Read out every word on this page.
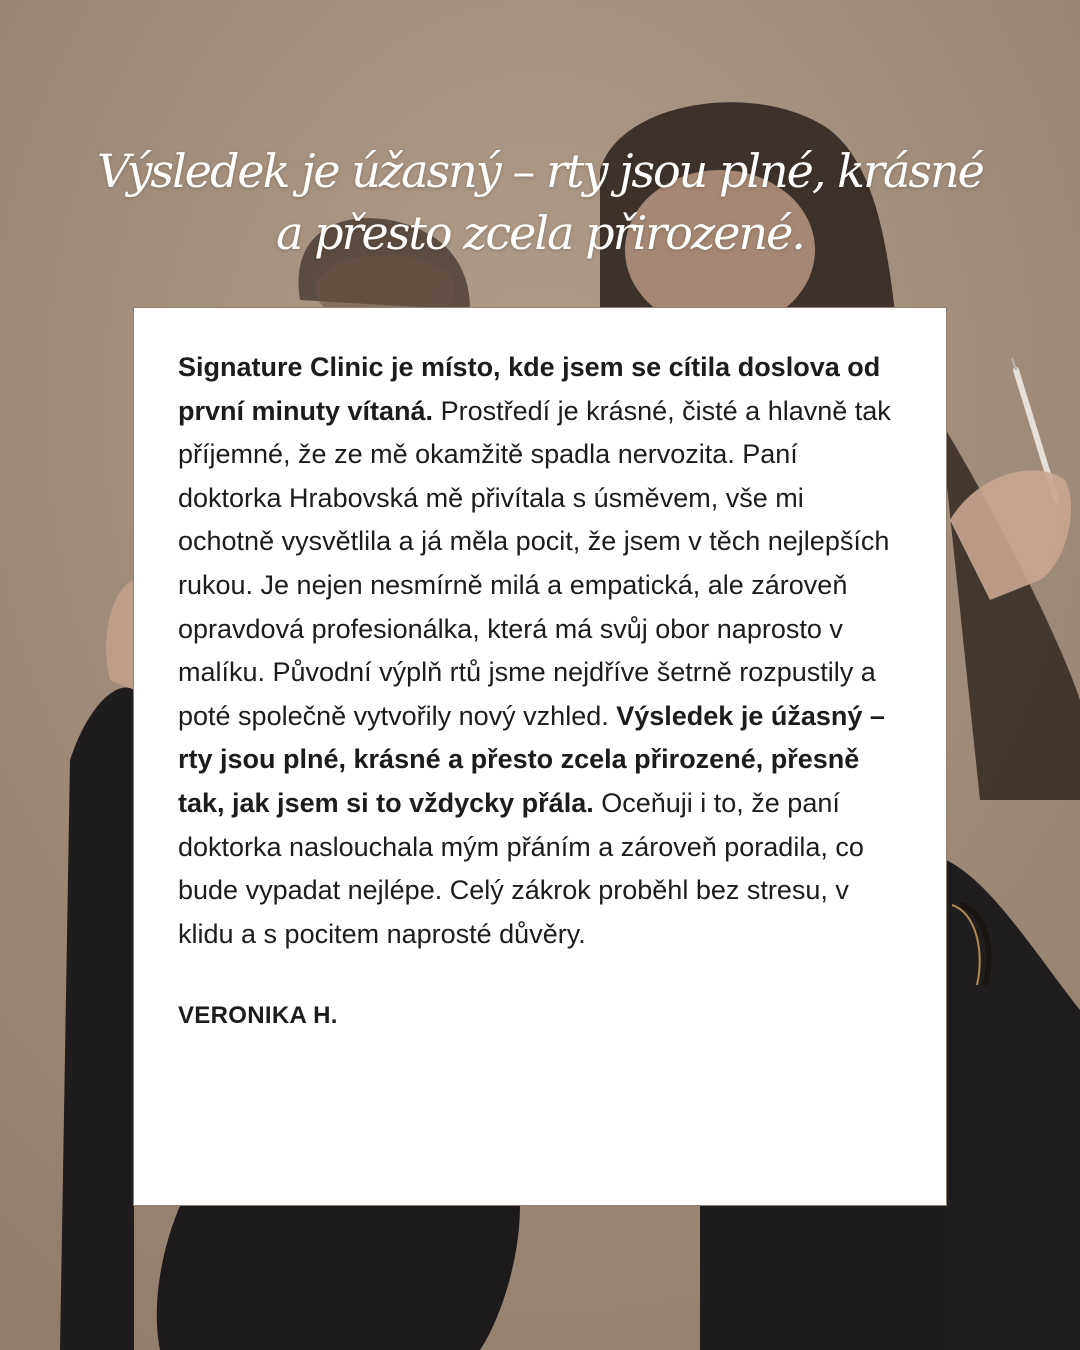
Výsledek je úžasný – rty jsou plné, krásné
a přesto zcela přirozené.

Signature Clinic je místo, kde jsem se cítila doslova od první minuty vítaná. Prostředí je krásné, čisté a hlavně tak příjemné, že ze mě okamžitě spadla nervozita. Paní doktorka Hrabovská mě přivítala s úsměvem, vše mi ochotně vysvětlila a já měla pocit, že jsem v těch nejlepších rukou. Je nejen nesmírně milá a empatická, ale zároveň opravdová profesionálka, která má svůj obor naprosto v malíku. Původní výplň rtů jsme nejdříve šetrně rozpustily a poté společně vytvořily nový vzhled. Výsledek je úžasný – rty jsou plné, krásné a přesto zcela přirozené, přesně tak, jak jsem si to vždycky přála. Oceňuji i to, že paní doktorka naslouchala mým přáním a zároveň poradila, co bude vypadat nejlépe. Celý zákrok proběhl bez stresu, v klidu a s pocitem naprosté důvěry.

VERONIKA H.
